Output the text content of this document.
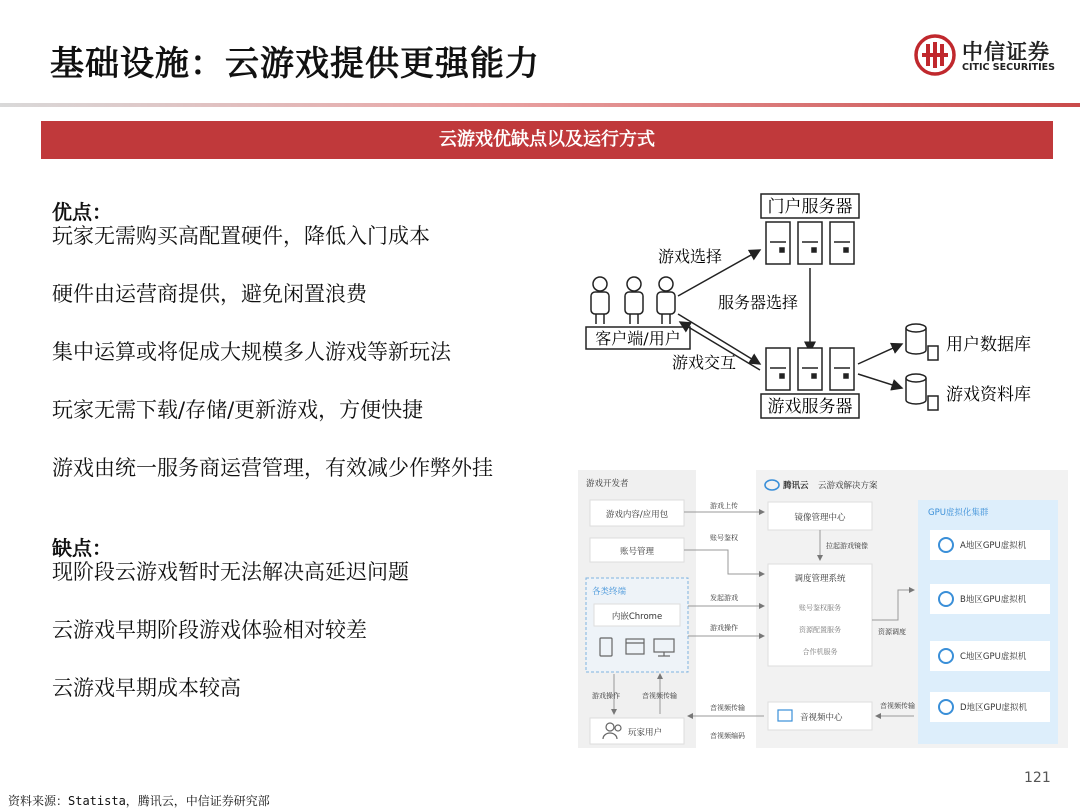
基础设施：云游戏提供更强能力	中信证券
CITIC SECURITIES
云游戏优缺点以及运行方式
优点：
玩家无需购买高配置硬件，降低入门成本
硬件由运营商提供，避免闲置浪费
集中运算或将促成大规模多人游戏等新玩法
玩家无需下载/存储/更新游戏，方便快捷
游戏由统一服务商运营管理，有效减少作弊外挂
缺点：
现阶段云游戏暂时无法解决高延迟问题
云游戏早期阶段游戏体验相对较差
云游戏早期成本较高
门户服务器
客户端/用户
游戏选择
服务器选择
游戏交互
游戏服务器
用户数据库
游戏资料库
游戏开发者
游戏内容/应用包
账号管理
各类终端
内嵌Chrome
玩家用户
游戏操作	音视频传输
腾讯云 云游戏解决方案
镜像管理中心
调度管理系统
账号鉴权服务
资源配置服务
合作机服务
音视频中心
拉起游戏镜像
游戏上传
账号鉴权
发起游戏
游戏操作
音视频传输
音视频编码
GPU虚拟化集群
A地区GPU虚拟机
B地区GPU虚拟机
C地区GPU虚拟机
D地区GPU虚拟机
资源调度
音视频传输
121
资料来源：Statista，腾讯云，中信证券研究部
